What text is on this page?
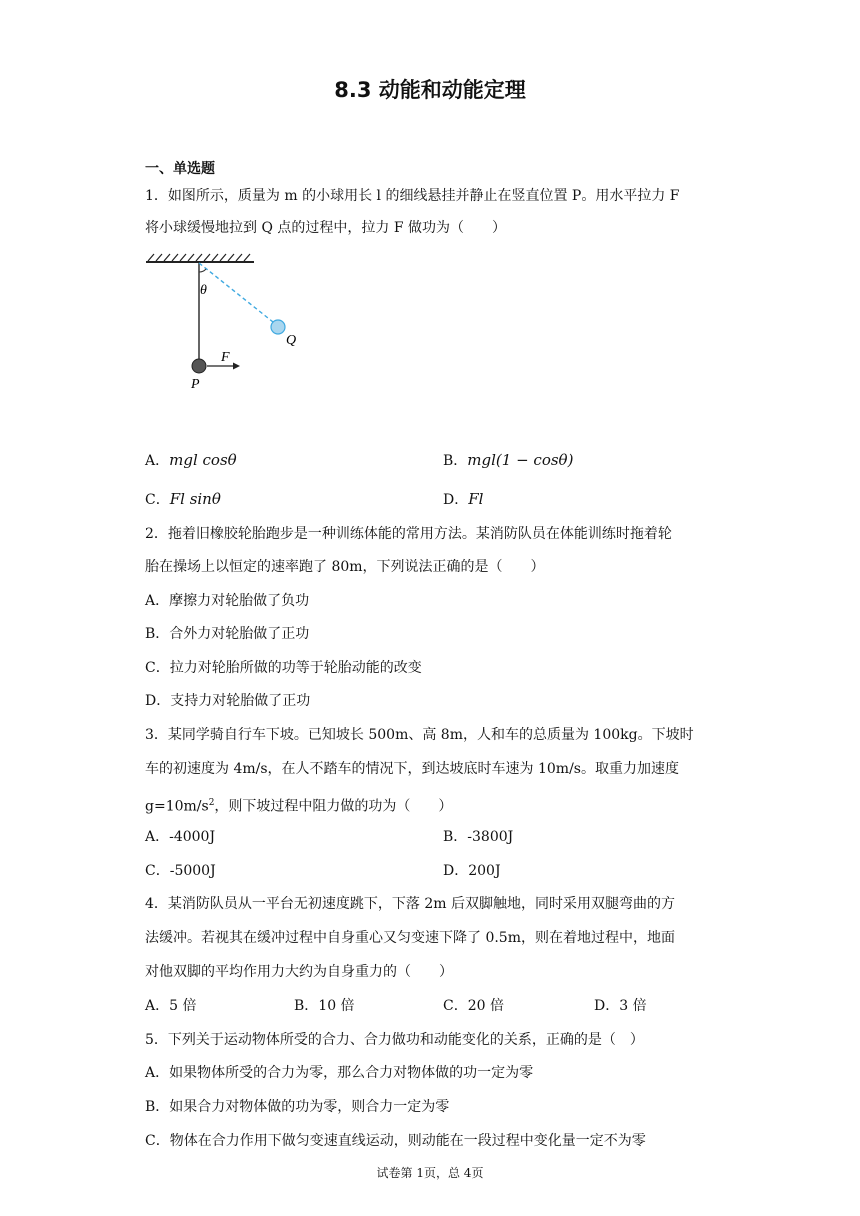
8.3 动能和动能定理
一、单选题
1．如图所示，质量为 m 的小球用长 l 的细线悬挂并静止在竖直位置 P。用水平拉力 F
将小球缓慢地拉到 Q 点的过程中，拉力 F 做功为（　　）
θ
Q
P
F
A．mgl cosθ	B．mgl(1 − cosθ)
C．Fl sinθ	D．Fl
2．拖着旧橡胶轮胎跑步是一种训练体能的常用方法。某消防队员在体能训练时拖着轮
胎在操场上以恒定的速率跑了 80m，下列说法正确的是（　　）
A．摩擦力对轮胎做了负功
B．合外力对轮胎做了正功
C．拉力对轮胎所做的功等于轮胎动能的改变
D．支持力对轮胎做了正功
3．某同学骑自行车下坡。已知坡长 500m、高 8m，人和车的总质量为 100kg。下坡时
车的初速度为 4m/s，在人不踏车的情况下，到达坡底时车速为 10m/s。取重力加速度
$g=10m/s^2$，则下坡过程中阻力做的功为（　　）
A．-4000J	B．-3800J
C．-5000J	D．200J
4．某消防队员从一平台无初速度跳下，下落 2m 后双脚触地，同时采用双腿弯曲的方
法缓冲。若视其在缓冲过程中自身重心又匀变速下降了 0.5m，则在着地过程中，地面
对他双脚的平均作用力大约为自身重力的（　　）
A．5 倍	B．10 倍	C．20 倍	D．3 倍
5．下列关于运动物体所受的合力、合力做功和动能变化的关系，正确的是（　）
A．如果物体所受的合力为零，那么合力对物体做的功一定为零
B．如果合力对物体做的功为零，则合力一定为零
C．物体在合力作用下做匀变速直线运动，则动能在一段过程中变化量一定不为零
试卷第 1页，总 4页
